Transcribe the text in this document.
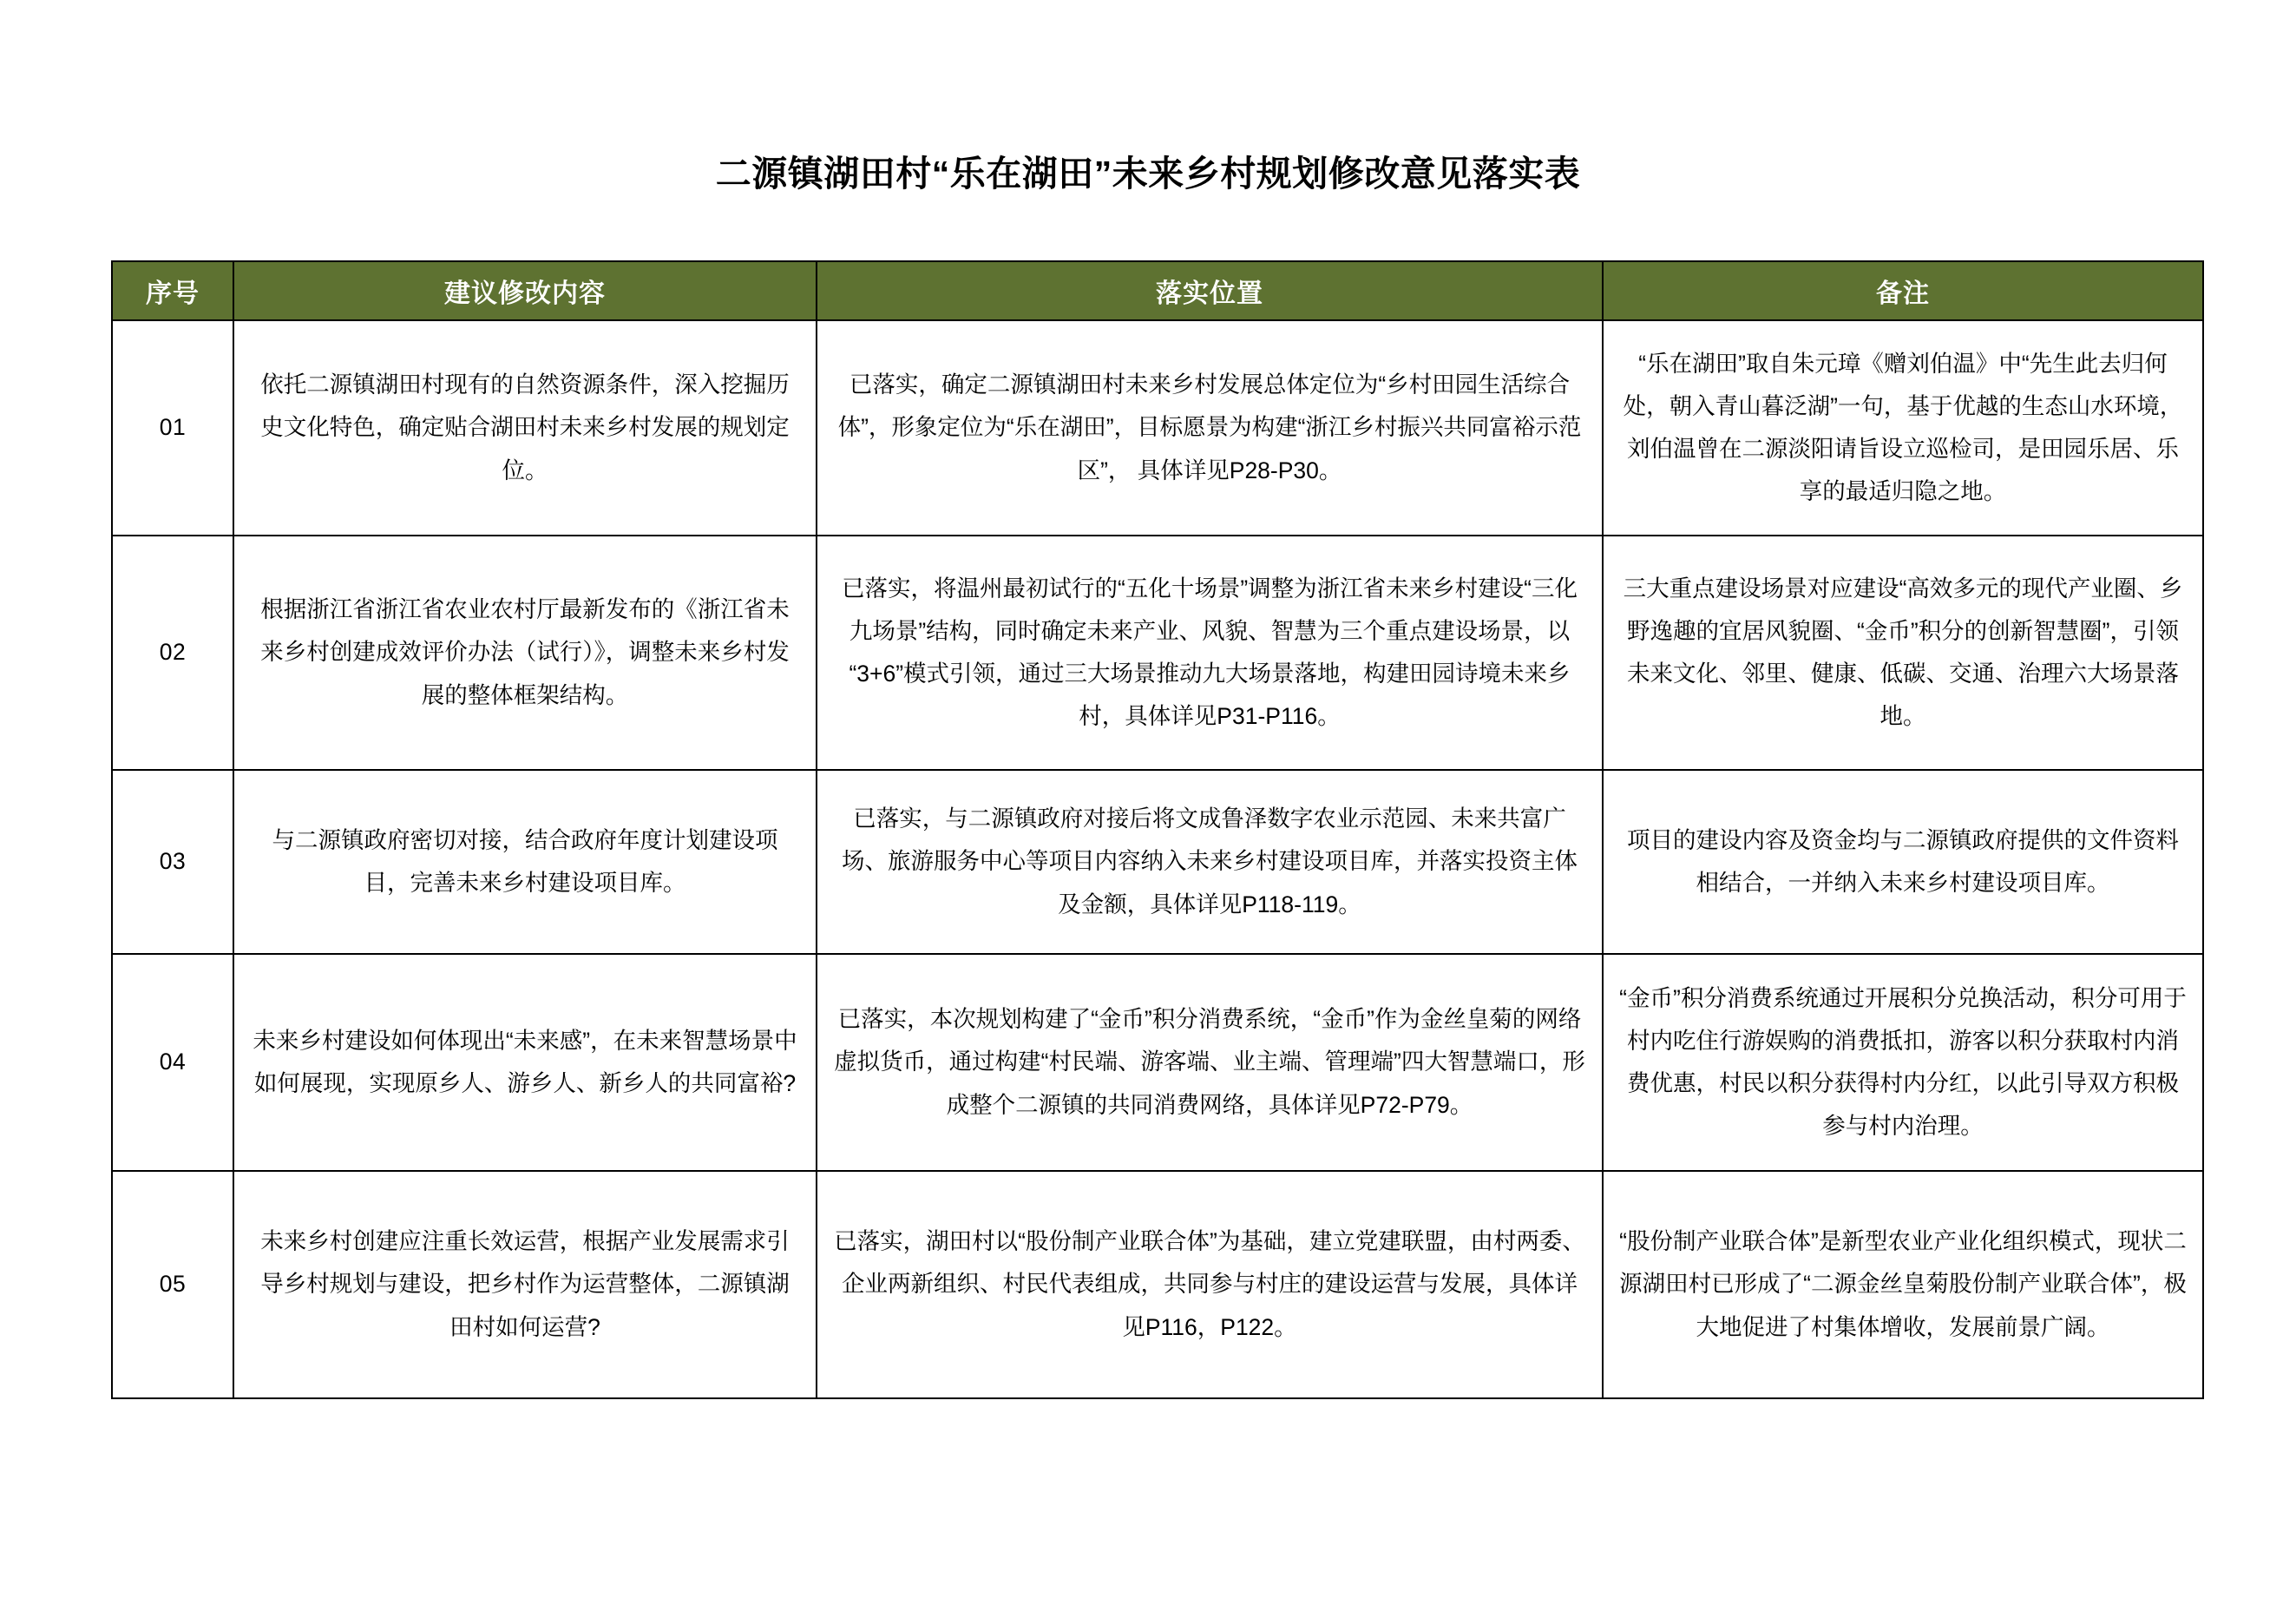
二源镇湖田村“乐在湖田”未来乡村规划修改意见落实表
序号	建议修改内容	落实位置	备注
01	依托二源镇湖田村现有的自然资源条件，深入挖掘历史文化特色，确定贴合湖田村未来乡村发展的规划定位。	已落实，确定二源镇湖田村未来乡村发展总体定位为“乡村田园生活综合体”，形象定位为“乐在湖田”，目标愿景为构建“浙江乡村振兴共同富裕示范区”， 具体详见P28-P30。	“乐在湖田”取自朱元璋《赠刘伯温》中“先生此去归何处，朝入青山暮泛湖”一句，基于优越的生态山水环境，刘伯温曾在二源淡阳请旨设立巡检司，是田园乐居、乐享的最适归隐之地。
02	根据浙江省浙江省农业农村厅最新发布的《浙江省未来乡村创建成效评价办法（试行）》，调整未来乡村发展的整体框架结构。	已落实，将温州最初试行的“五化十场景”调整为浙江省未来乡村建设“三化九场景”结构，同时确定未来产业、风貌、智慧为三个重点建设场景，以“3+6”模式引领，通过三大场景推动九大场景落地，构建田园诗境未来乡村，具体详见P31-P116。	三大重点建设场景对应建设“高效多元的现代产业圈、乡野逸趣的宜居风貌圈、“金币”积分的创新智慧圈”，引领未来文化、邻里、健康、低碳、交通、治理六大场景落地。
03	与二源镇政府密切对接，结合政府年度计划建设项目，完善未来乡村建设项目库。	已落实，与二源镇政府对接后将文成鲁泽数字农业示范园、未来共富广场、旅游服务中心等项目内容纳入未来乡村建设项目库，并落实投资主体及金额，具体详见P118-119。	项目的建设内容及资金均与二源镇政府提供的文件资料相结合，一并纳入未来乡村建设项目库。
04	未来乡村建设如何体现出“未来感”，在未来智慧场景中如何展现，实现原乡人、游乡人、新乡人的共同富裕?	已落实，本次规划构建了“金币”积分消费系统，“金币”作为金丝皇菊的网络虚拟货币，通过构建“村民端、游客端、业主端、管理端”四大智慧端口，形成整个二源镇的共同消费网络，具体详见P72-P79。	“金币”积分消费系统通过开展积分兑换活动，积分可用于村内吃住行游娱购的消费抵扣，游客以积分获取村内消费优惠，村民以积分获得村内分红，以此引导双方积极参与村内治理。
05	未来乡村创建应注重长效运营，根据产业发展需求引导乡村规划与建设，把乡村作为运营整体，二源镇湖田村如何运营?	已落实，湖田村以“股份制产业联合体”为基础，建立党建联盟，由村两委、企业两新组织、村民代表组成，共同参与村庄的建设运营与发展，具体详见P116，P122。	“股份制产业联合体”是新型农业产业化组织模式，现状二源湖田村已形成了“二源金丝皇菊股份制产业联合体”，极大地促进了村集体增收，发展前景广阔。
